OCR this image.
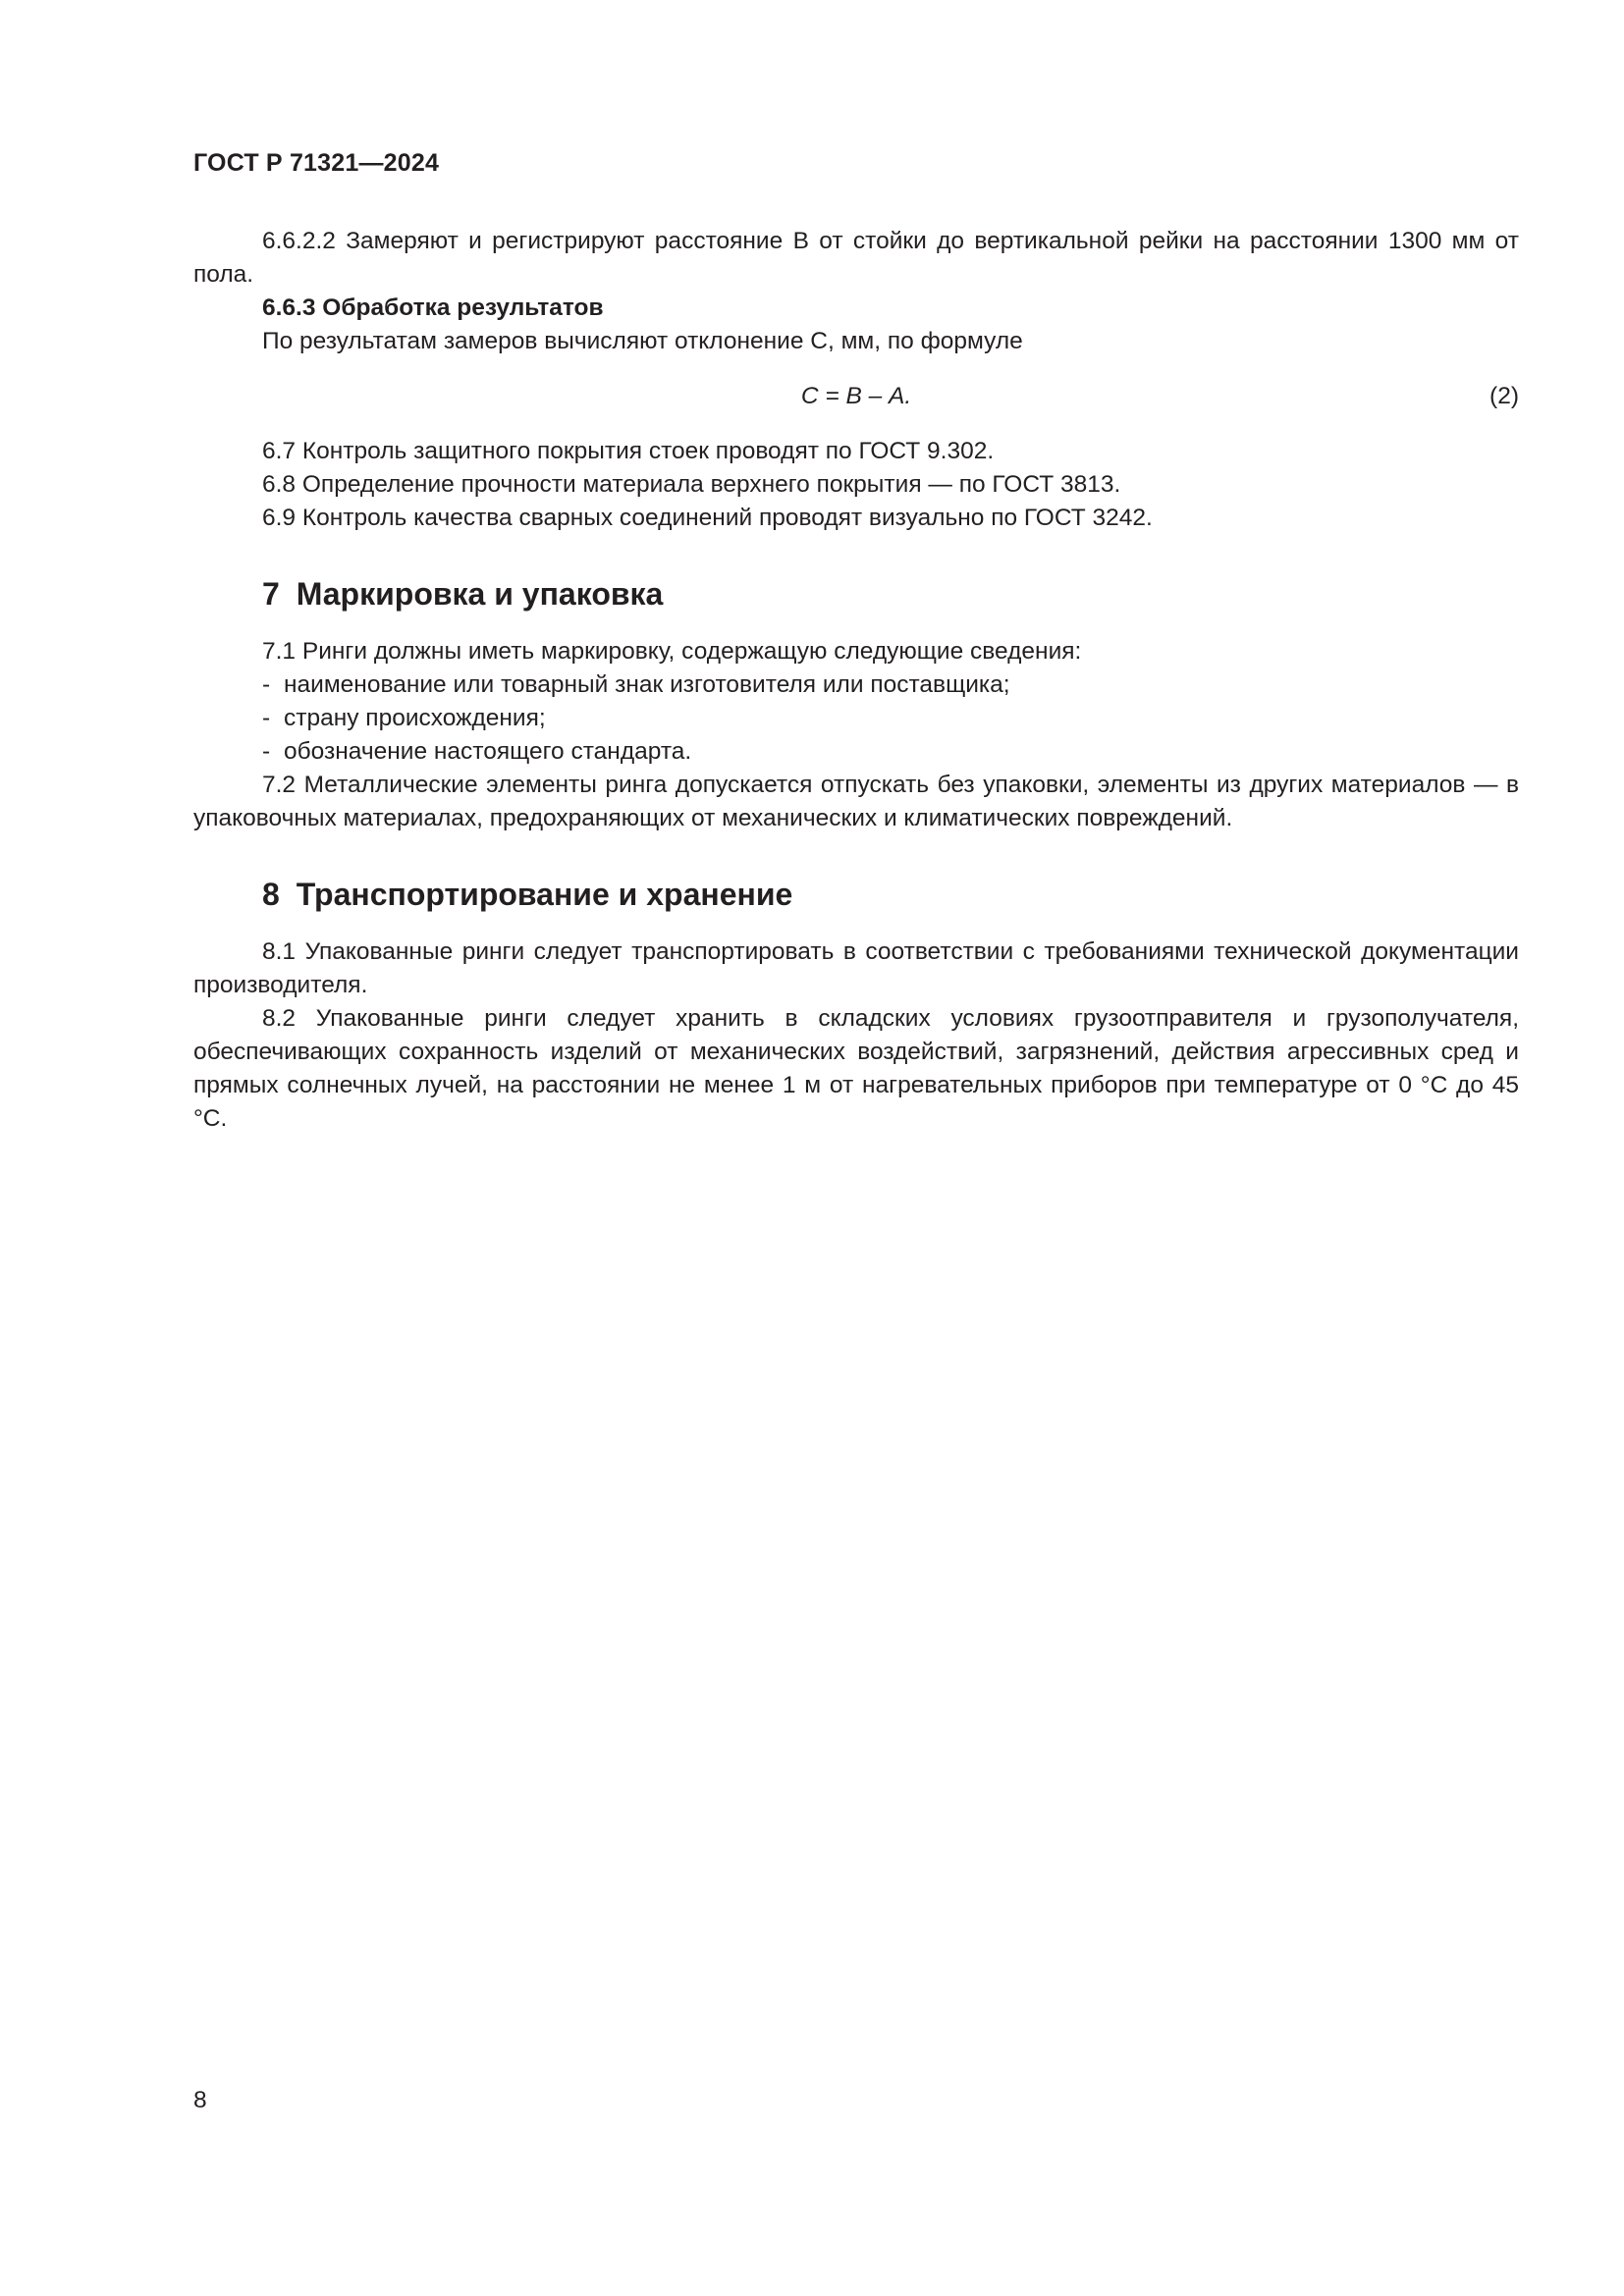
ГОСТ Р 71321—2024

6.6.2.2 Замеряют и регистрируют расстояние В от стойки до вертикальной рейки на расстоянии 1300 мм от пола.

6.6.3 Обработка результатов

По результатам замеров вычисляют отклонение С, мм, по формуле

С = В – А.	(2)

6.7 Контроль защитного покрытия стоек проводят по ГОСТ 9.302.

6.8 Определение прочности материала верхнего покрытия — по ГОСТ 3813.

6.9 Контроль качества сварных соединений проводят визуально по ГОСТ 3242.

7 Маркировка и упаковка

7.1 Ринги должны иметь маркировку, содержащую следующие сведения:

- наименование или товарный знак изготовителя или поставщика;

- страну происхождения;

- обозначение настоящего стандарта.

7.2 Металлические элементы ринга допускается отпускать без упаковки, элементы из других материалов — в упаковочных материалах, предохраняющих от механических и климатических повреждений.

8 Транспортирование и хранение

8.1 Упакованные ринги следует транспортировать в соответствии с требованиями технической документации производителя.

8.2 Упакованные ринги следует хранить в складских условиях грузоотправителя и грузополучателя, обеспечивающих сохранность изделий от механических воздействий, загрязнений, действия агрессивных сред и прямых солнечных лучей, на расстоянии не менее 1 м от нагревательных приборов при температуре от 0 °С до 45 °С.

8
